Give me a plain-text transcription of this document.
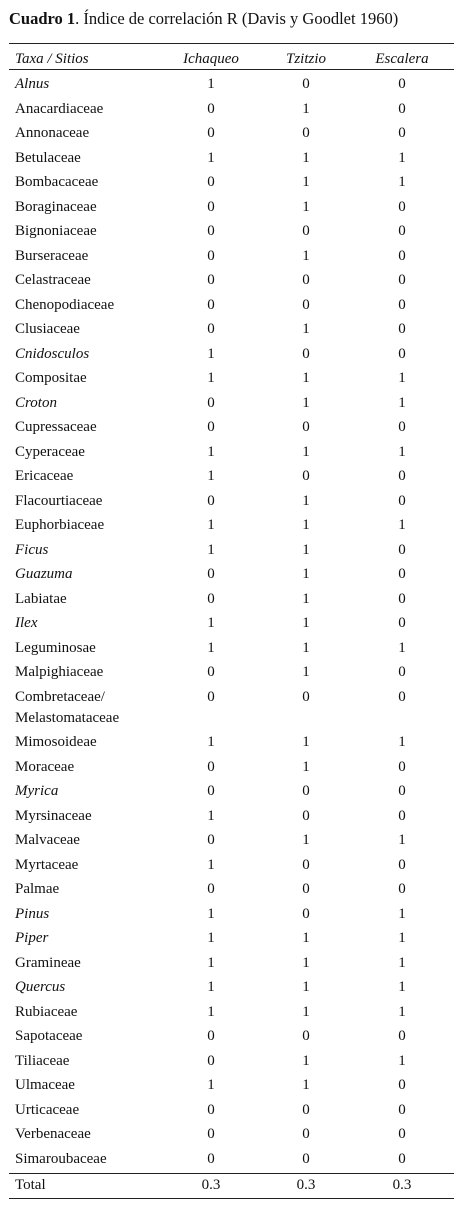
Cuadro 1. Índice de correlación R (Davis y Goodlet 1960)
Taxa / Sitios	Ichaqueo	Tzitzio	Escalera
Alnus	1	0	0
Anacardiaceae	0	1	0
Annonaceae	0	0	0
Betulaceae	1	1	1
Bombacaceae	0	1	1
Boraginaceae	0	1	0
Bignoniaceae	0	0	0
Burseraceae	0	1	0
Celastraceae	0	0	0
Chenopodiaceae	0	0	0
Clusiaceae	0	1	0
Cnidosculos	1	0	0
Compositae	1	1	1
Croton	0	1	1
Cupressaceae	0	0	0
Cyperaceae	1	1	1
Ericaceae	1	0	0
Flacourtiaceae	0	1	0
Euphorbiaceae	1	1	1
Ficus	1	1	0
Guazuma	0	1	0
Labiatae	0	1	0
Ilex	1	1	0
Leguminosae	1	1	1
Malpighiaceae	0	1	0
Combretaceae/
Melastomataceae
0	0	0
Mimosoideae	1	1	1
Moraceae	0	1	0
Myrica	0	0	0
Myrsinaceae	1	0	0
Malvaceae	0	1	1
Myrtaceae	1	0	0
Palmae	0	0	0
Pinus	1	0	1
Piper	1	1	1
Gramineae	1	1	1
Quercus	1	1	1
Rubiaceae	1	1	1
Sapotaceae	0	0	0
Tiliaceae	0	1	1
Ulmaceae	1	1	0
Urticaceae	0	0	0
Verbenaceae	0	0	0
Simaroubaceae	0	0	0
Total	0.3	0.3	0.3
